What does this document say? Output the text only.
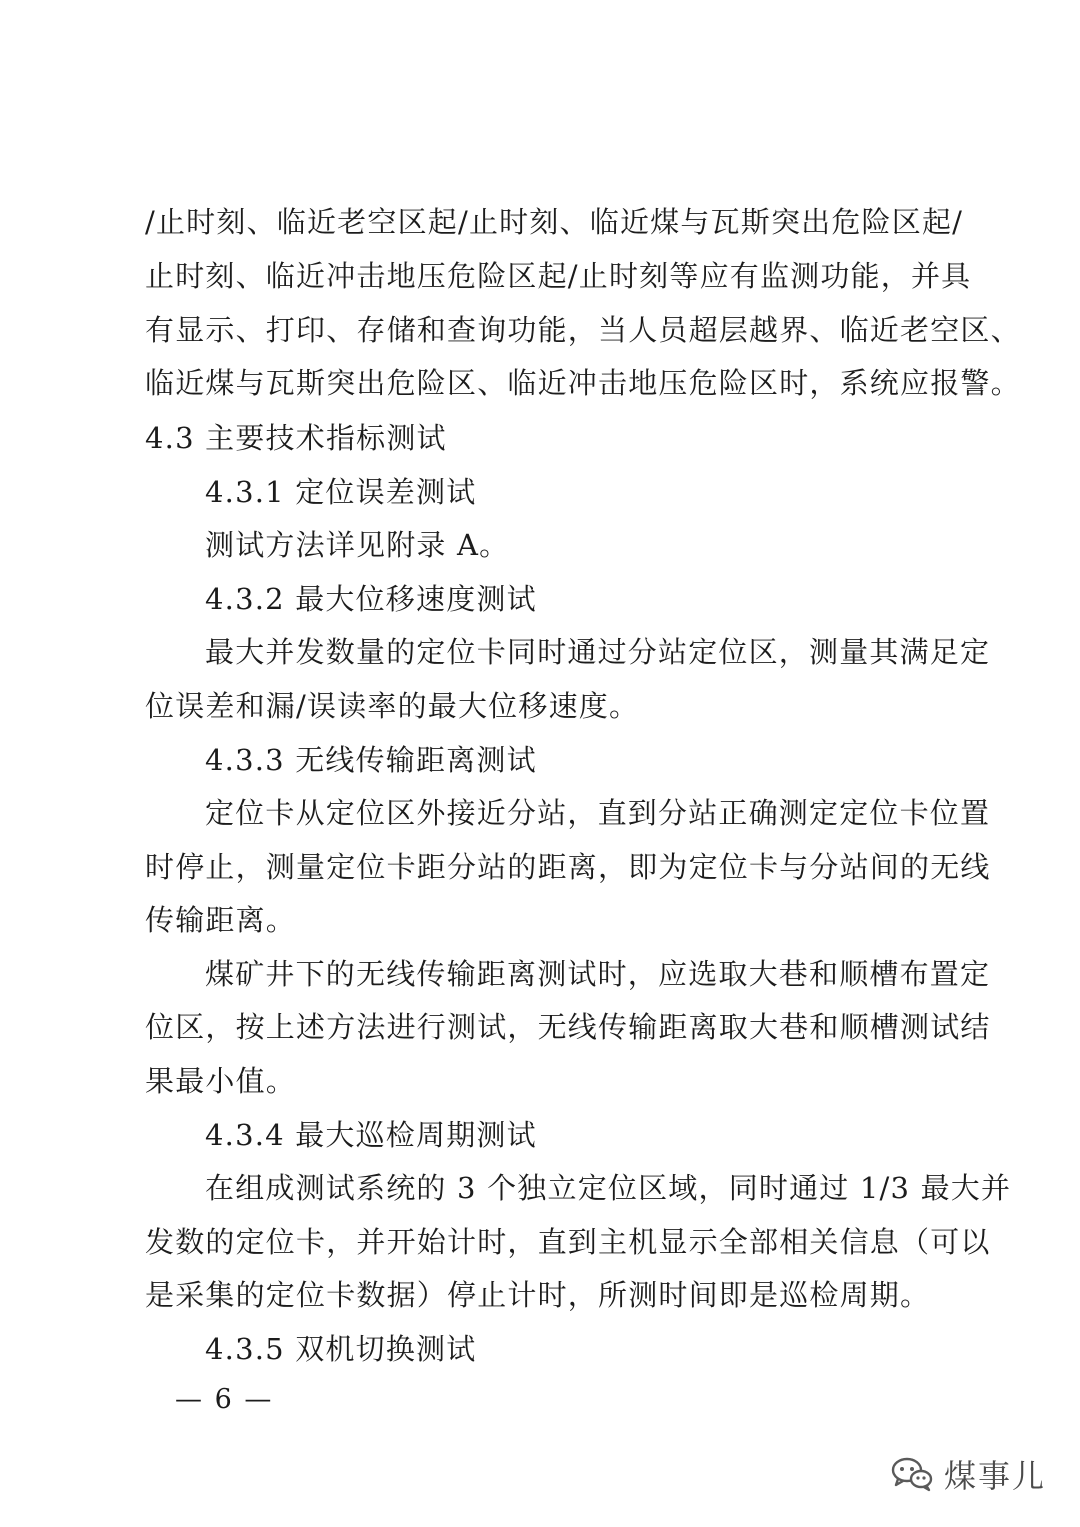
/止时刻、临近老空区起/止时刻、临近煤与瓦斯突出危险区起/
止时刻、临近冲击地压危险区起/止时刻等应有监测功能，并具
有显示、打印、存储和查询功能，当人员超层越界、临近老空区、
临近煤与瓦斯突出危险区、临近冲击地压危险区时，系统应报警。
4.3 主要技术指标测试
4.3.1 定位误差测试
测试方法详见附录 A。
4.3.2 最大位移速度测试
最大并发数量的定位卡同时通过分站定位区，测量其满足定
位误差和漏/误读率的最大位移速度。
4.3.3 无线传输距离测试
定位卡从定位区外接近分站，直到分站正确测定定位卡位置
时停止，测量定位卡距分站的距离，即为定位卡与分站间的无线
传输距离。
煤矿井下的无线传输距离测试时，应选取大巷和顺槽布置定
位区，按上述方法进行测试，无线传输距离取大巷和顺槽测试结
果最小值。
4.3.4 最大巡检周期测试
在组成测试系统的 3 个独立定位区域，同时通过 1/3 最大并
发数的定位卡，并开始计时，直到主机显示全部相关信息（可以
是采集的定位卡数据）停止计时，所测时间即是巡检周期。
4.3.5 双机切换测试
— 6 —
煤事儿
